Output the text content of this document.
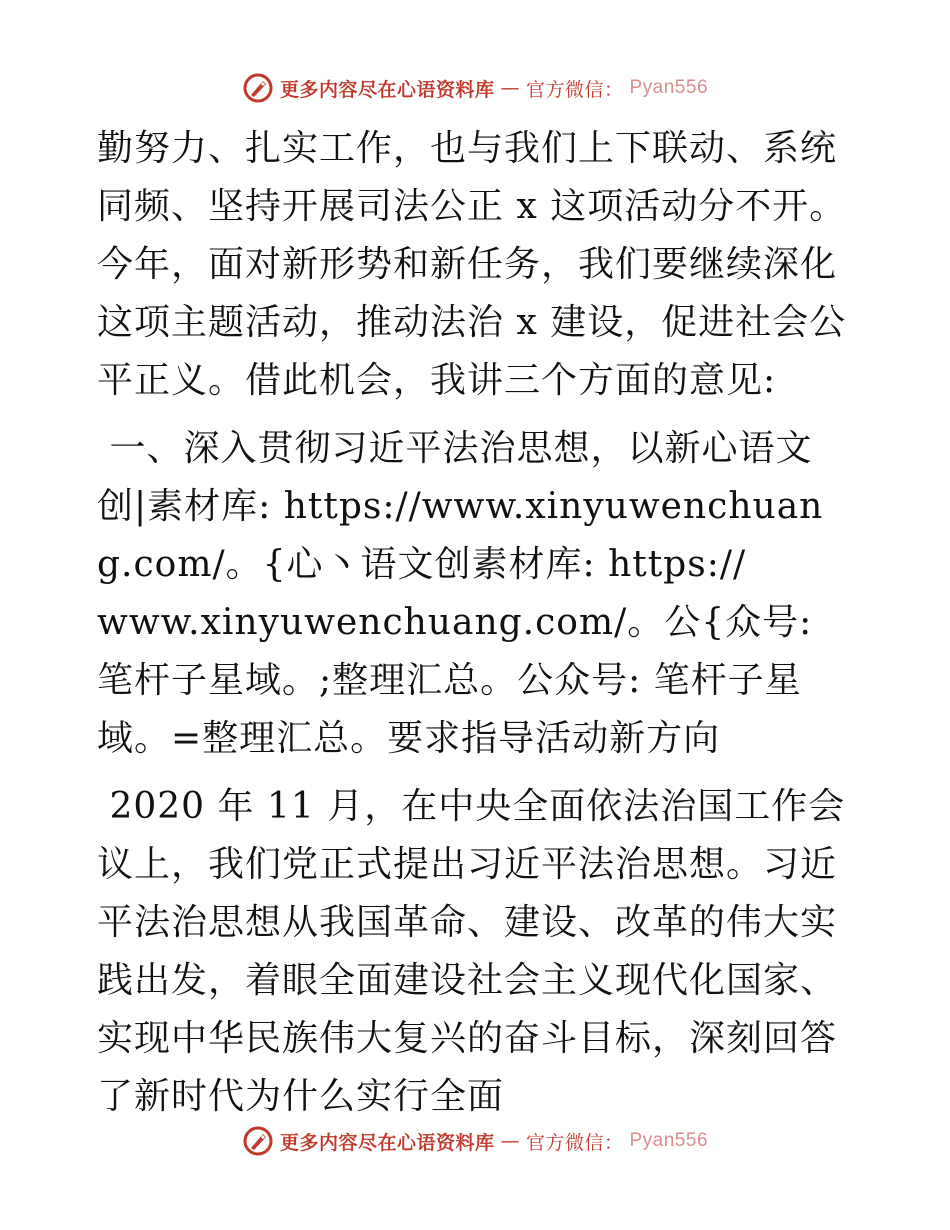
更多内容尽在心语资料库 — 官方微信： Pyan556

勤努力、扎实工作，也与我们上下联动、系统同频、坚持开展司法公正 x 这项活动分不开。今年，面对新形势和新任务，我们要继续深化这项主题活动，推动法治 x 建设，促进社会公平正义。借此机会，我讲三个方面的意见:

一、深入贯彻习近平法治思想，以新心语文创|素材库: https://www.xinyuwenchuang.com/。{心丶语文创素材库: https://
www.xinyuwenchuang.com/。公{众号: 笔杆子星域。;整理汇总。公众号: 笔杆子星域。=整理汇总。要求指导活动新方向

2020 年 11 月，在中央全面依法治国工作会议上，我们党正式提出习近平法治思想。习近平法治思想从我国革命、建设、改革的伟大实践出发，着眼全面建设社会主义现代化国家、实现中华民族伟大复兴的奋斗目标，深刻回答了新时代为什么实行全面

更多内容尽在心语资料库 — 官方微信： Pyan556
